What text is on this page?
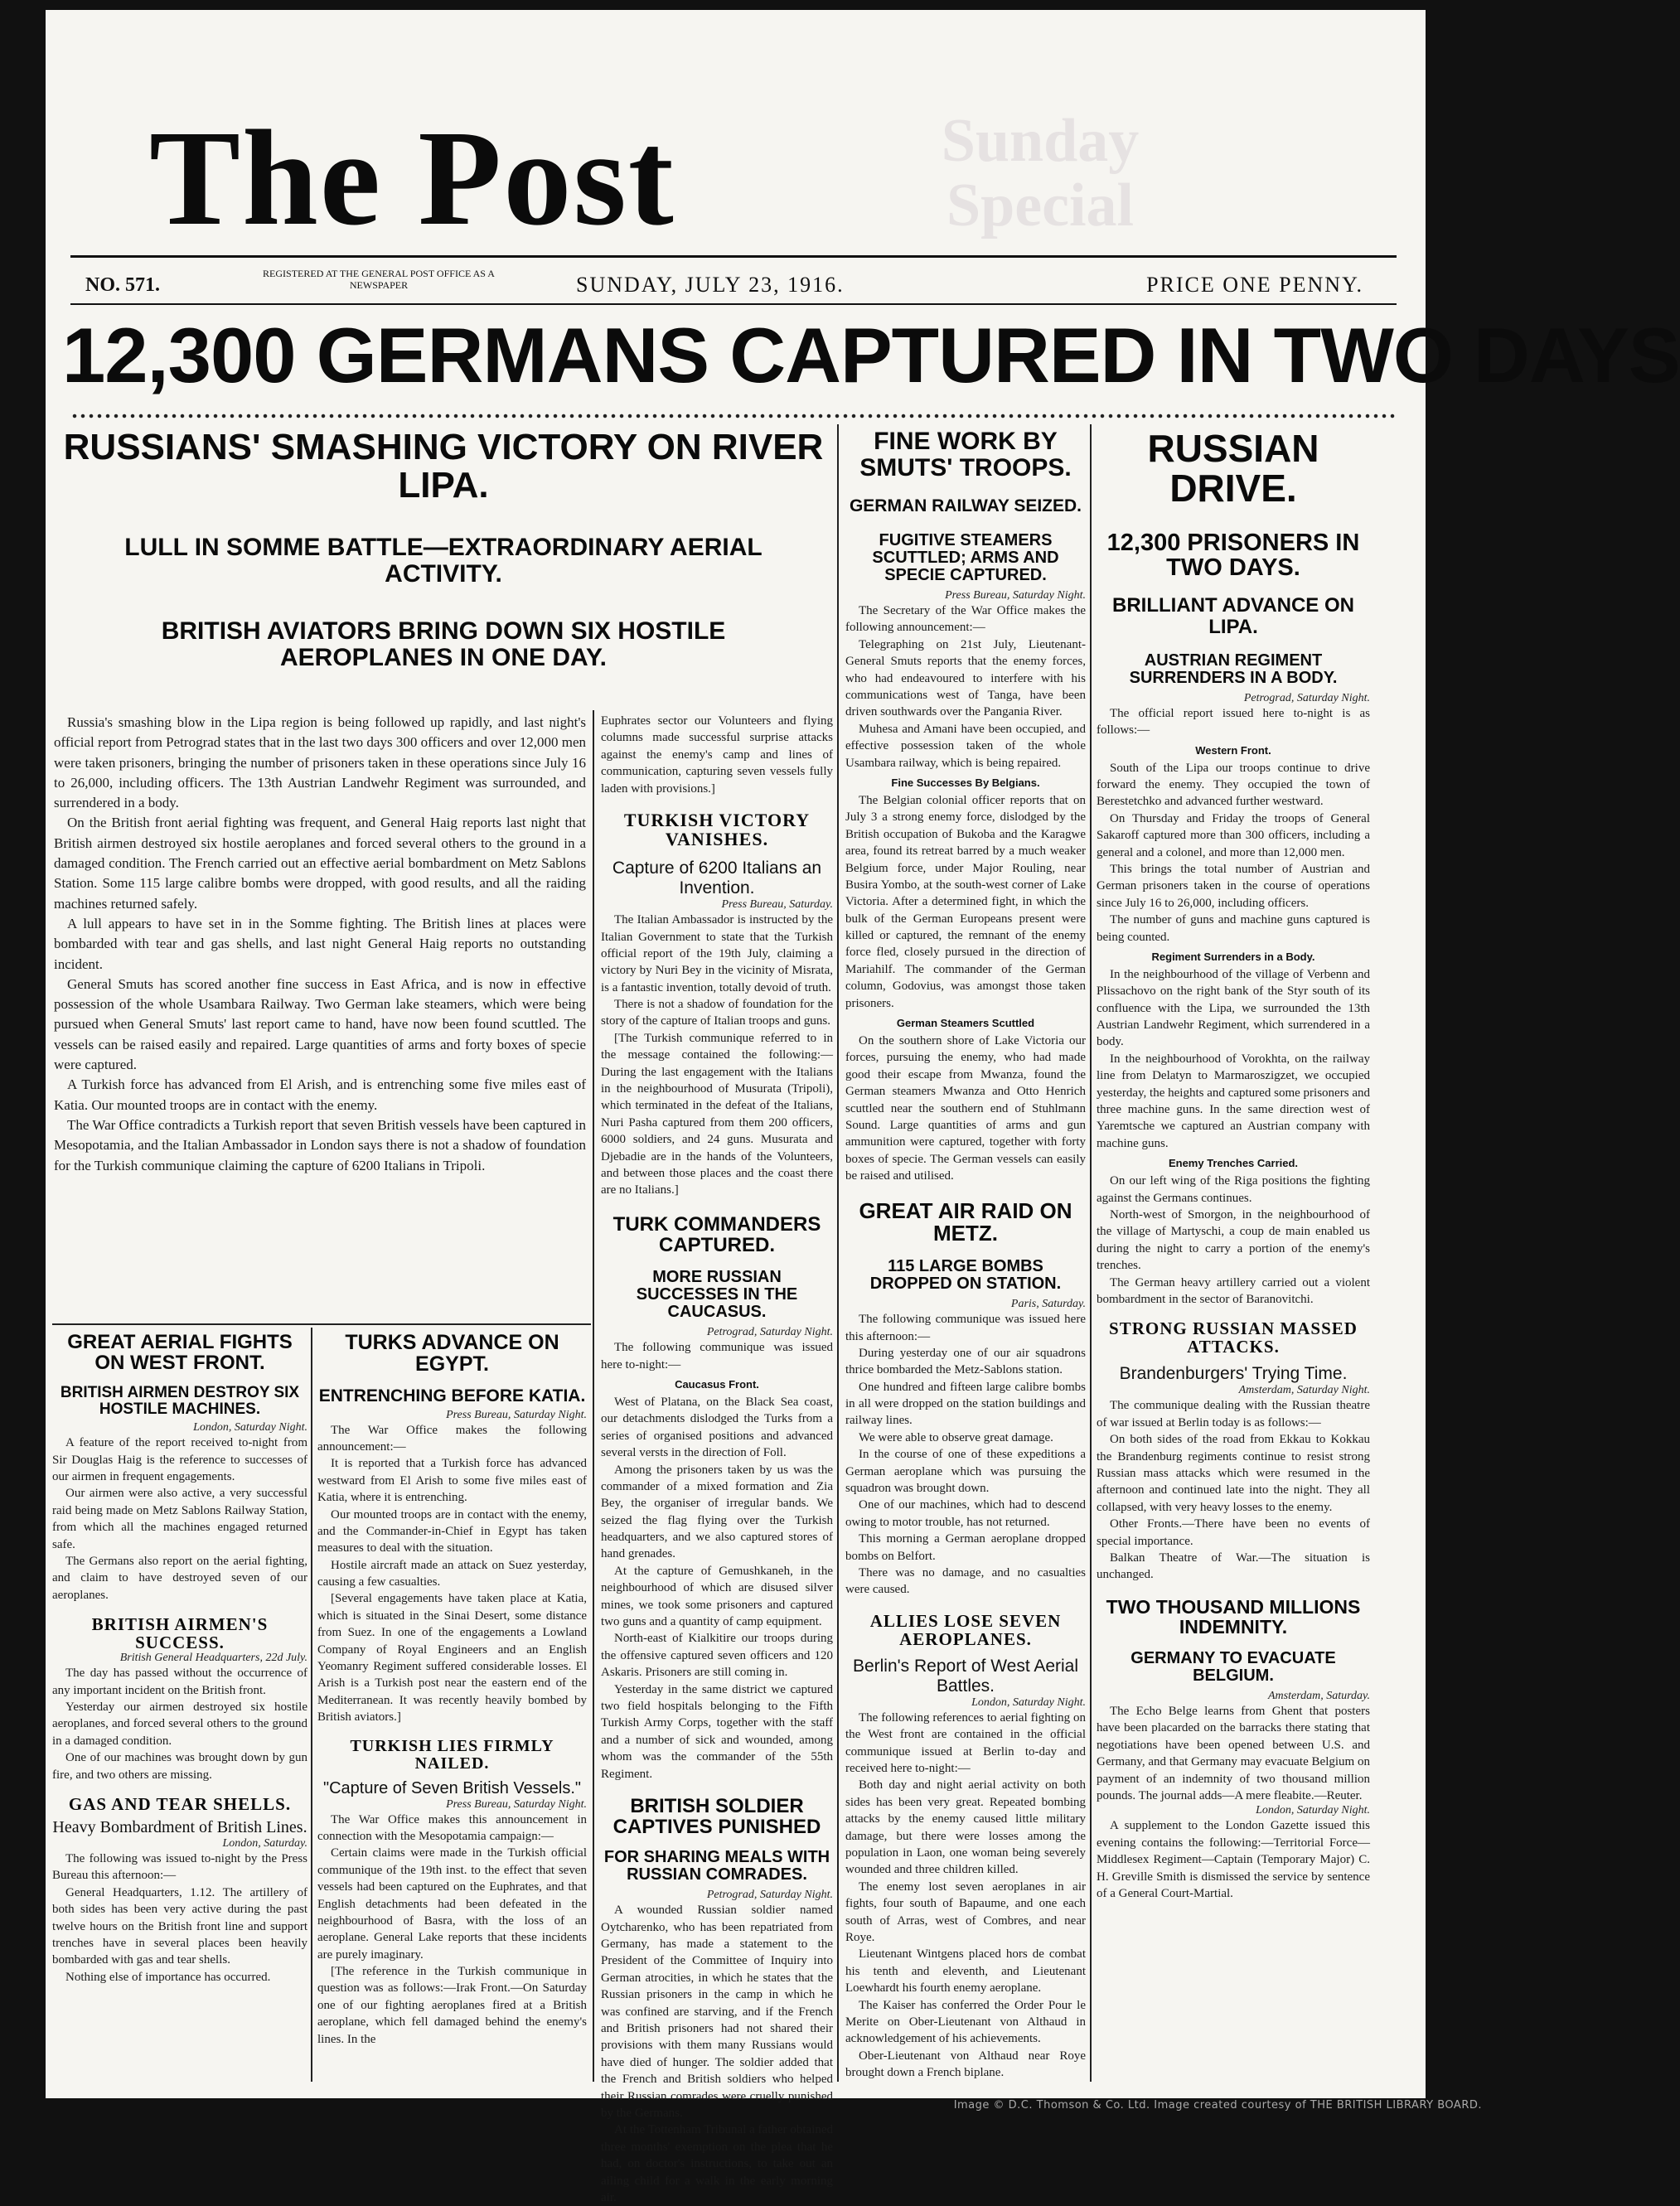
Sunday Special
The Post
NO. 571.
REGISTERED AT THE GENERAL POST OFFICE AS A NEWSPAPER	SUNDAY, JULY 23, 1916.	PRICE ONE PENNY.
12,300 GERMANS CAPTURED IN TWO DAYS
RUSSIANS' SMASHING VICTORY ON RIVER LIPA.
LULL IN SOMME BATTLE—EXTRAORDINARY AERIAL ACTIVITY.
BRITISH AVIATORS BRING DOWN SIX HOSTILE AEROPLANES IN ONE DAY.

Russia's smashing blow in the Lipa region is being followed up rapidly, and last night's official report from Petrograd states that in the last two days 300 officers and over 12,000 men were taken prisoners, bringing the number of prisoners taken in these operations since July 16 to 26,000, including officers. The 13th Austrian Landwehr Regiment was surrounded, and surrendered in a body.

On the British front aerial fighting was frequent, and General Haig reports last night that British airmen destroyed six hostile aeroplanes and forced several others to the ground in a damaged condition. The French carried out an effective aerial bombardment on Metz Sablons Station. Some 115 large calibre bombs were dropped, with good results, and all the raiding machines returned safely.

A lull appears to have set in in the Somme fighting. The British lines at places were bombarded with tear and gas shells, and last night General Haig reports no outstanding incident.

General Smuts has scored another fine success in East Africa, and is now in effective possession of the whole Usambara Railway. Two German lake steamers, which were being pursued when General Smuts' last report came to hand, have now been found scuttled. The vessels can be raised easily and repaired. Large quantities of arms and forty boxes of specie were captured.

A Turkish force has advanced from El Arish, and is entrenching some five miles east of Katia. Our mounted troops are in contact with the enemy.

The War Office contradicts a Turkish report that seven British vessels have been captured in Mesopotamia, and the Italian Ambassador in London says there is not a shadow of foundation for the Turkish communique claiming the capture of 6200 Italians in Tripoli.

Euphrates sector our Volunteers and flying columns made successful surprise attacks against the enemy's camp and lines of communication, capturing seven vessels fully laden with provisions.]
TURKISH VICTORY VANISHES.
Capture of 6200 Italians an Invention.
Press Bureau, Saturday.

The Italian Ambassador is instructed by the Italian Government to state that the Turkish official report of the 19th July, claiming a victory by Nuri Bey in the vicinity of Misrata, is a fantastic invention, totally devoid of truth.

There is not a shadow of foundation for the story of the capture of Italian troops and guns.

[The Turkish communique referred to in the message contained the following:—During the last engagement with the Italians in the neighbourhood of Musurata (Tripoli), which terminated in the defeat of the Italians, Nuri Pasha captured from them 200 officers, 6000 soldiers, and 24 guns. Musurata and Djebadie are in the hands of the Volunteers, and between those places and the coast there are no Italians.]

TURK COMMANDERS CAPTURED.
MORE RUSSIAN SUCCESSES IN THE CAUCASUS.
Petrograd, Saturday Night.

The following communique was issued here to-night:—

Caucasus Front.

West of Platana, on the Black Sea coast, our detachments dislodged the Turks from a series of organised positions and advanced several versts in the direction of Foll.

Among the prisoners taken by us was the commander of a mixed formation and Zia Bey, the organiser of irregular bands. We seized the flag flying over the Turkish headquarters, and we also captured stores of hand grenades.

At the capture of Gemushkaneh, in the neighbourhood of which are disused silver mines, we took some prisoners and captured two guns and a quantity of camp equipment.

North-east of Kialkitire our troops during the offensive captured seven officers and 120 Askaris. Prisoners are still coming in.

Yesterday in the same district we captured two field hospitals belonging to the Fifth Turkish Army Corps, together with the staff and a number of sick and wounded, among whom was the commander of the 55th Regiment.

BRITISH SOLDIER CAPTIVES PUNISHED
FOR SHARING MEALS WITH RUSSIAN COMRADES.
Petrograd, Saturday Night.

A wounded Russian soldier named Oytcharenko, who has been repatriated from Germany, has made a statement to the President of the Committee of Inquiry into German atrocities, in which he states that the Russian prisoners in the camp in which he was confined are starving, and if the French and British prisoners had not shared their provisions with them many Russians would have died of hunger. The soldier added that the French and British soldiers who helped their Russian comrades were cruelly punished by the Germans.

At the Tottenham Tribunal a father obtained three months' exemption on the plea that he had, on doctor's instructions, to take out an ailing child for a walk in the early morning air.

GREAT AERIAL FIGHTS ON WEST FRONT.
BRITISH AIRMEN DESTROY SIX HOSTILE MACHINES.
London, Saturday Night.

A feature of the report received to-night from Sir Douglas Haig is the reference to successes of our airmen in frequent engagements.

Our airmen were also active, a very successful raid being made on Metz Sablons Railway Station, from which all the machines engaged returned safe.

The Germans also report on the aerial fighting, and claim to have destroyed seven of our aeroplanes.

BRITISH AIRMEN'S SUCCESS.
British General Headquarters, 22d July.

The day has passed without the occurrence of any important incident on the British front.

Yesterday our airmen destroyed six hostile aeroplanes, and forced several others to the ground in a damaged condition.

One of our machines was brought down by gun fire, and two others are missing.

GAS AND TEAR SHELLS.
Heavy Bombardment of British Lines.
London, Saturday.

The following was issued to-night by the Press Bureau this afternoon:—

General Headquarters, 1.12. The artillery of both sides has been very active during the past twelve hours on the British front line and support trenches have in several places been heavily bombarded with gas and tear shells.

Nothing else of importance has occurred.

TURKS ADVANCE ON EGYPT.
ENTRENCHING BEFORE KATIA.
Press Bureau, Saturday Night.

The War Office makes the following announcement:—

It is reported that a Turkish force has advanced westward from El Arish to some five miles east of Katia, where it is entrenching.

Our mounted troops are in contact with the enemy, and the Commander-in-Chief in Egypt has taken measures to deal with the situation.

Hostile aircraft made an attack on Suez yesterday, causing a few casualties.

[Several engagements have taken place at Katia, which is situated in the Sinai Desert, some distance from Suez. In one of the engagements a Lowland Company of Royal Engineers and an English Yeomanry Regiment suffered considerable losses. El Arish is a Turkish post near the eastern end of the Mediterranean. It was recently heavily bombed by British aviators.]

TURKISH LIES FIRMLY NAILED.
"Capture of Seven British Vessels."
Press Bureau, Saturday Night.

The War Office makes this announcement in connection with the Mesopotamia campaign:—

Certain claims were made in the Turkish official communique of the 19th inst. to the effect that seven vessels had been captured on the Euphrates, and that English detachments had been defeated in the neighbourhood of Basra, with the loss of an aeroplane. General Lake reports that these incidents are purely imaginary.

[The reference in the Turkish communique in question was as follows:—Irak Front.—On Saturday one of our fighting aeroplanes fired at a British aeroplane, which fell damaged behind the enemy's lines. In the

FINE WORK BY SMUTS' TROOPS.
GERMAN RAILWAY SEIZED.
FUGITIVE STEAMERS SCUTTLED; ARMS AND SPECIE CAPTURED.
Press Bureau, Saturday Night.

The Secretary of the War Office makes the following announcement:—

Telegraphing on 21st July, Lieutenant-General Smuts reports that the enemy forces, who had endeavoured to interfere with his communications west of Tanga, have been driven southwards over the Pangania River.

Muhesa and Amani have been occupied, and effective possession taken of the whole Usambara railway, which is being repaired.

Fine Successes By Belgians.

The Belgian colonial officer reports that on July 3 a strong enemy force, dislodged by the British occupation of Bukoba and the Karagwe area, found its retreat barred by a much weaker Belgium force, under Major Rouling, near Busira Yombo, at the south-west corner of Lake Victoria. After a determined fight, in which the bulk of the German Europeans present were killed or captured, the remnant of the enemy force fled, closely pursued in the direction of Mariahilf. The commander of the German column, Godovius, was amongst those taken prisoners.

German Steamers Scuttled

On the southern shore of Lake Victoria our forces, pursuing the enemy, who had made good their escape from Mwanza, found the German steamers Mwanza and Otto Henrich scuttled near the southern end of Stuhlmann Sound. Large quantities of arms and gun ammunition were captured, together with forty boxes of specie. The German vessels can easily be raised and utilised.

GREAT AIR RAID ON METZ.
115 LARGE BOMBS DROPPED ON STATION.
Paris, Saturday.

The following communique was issued here this afternoon:—

During yesterday one of our air squadrons thrice bombarded the Metz-Sablons station.

One hundred and fifteen large calibre bombs in all were dropped on the station buildings and railway lines.

We were able to observe great damage.

In the course of one of these expeditions a German aeroplane which was pursuing the squadron was brought down.

One of our machines, which had to descend owing to motor trouble, has not returned.

This morning a German aeroplane dropped bombs on Belfort.

There was no damage, and no casualties were caused.

ALLIES LOSE SEVEN AEROPLANES.
Berlin's Report of West Aerial Battles.
London, Saturday Night.

The following references to aerial fighting on the West front are contained in the official communique issued at Berlin to-day and received here to-night:—

Both day and night aerial activity on both sides has been very great. Repeated bombing attacks by the enemy caused little military damage, but there were losses among the population in Laon, one woman being severely wounded and three children killed.

The enemy lost seven aeroplanes in air fights, four south of Bapaume, and one each south of Arras, west of Combres, and near Roye.

Lieutenant Wintgens placed hors de combat his tenth and eleventh, and Lieutenant Loewhardt his fourth enemy aeroplane.

The Kaiser has conferred the Order Pour le Merite on Ober-Lieutenant von Althaud in acknowledgement of his achievements.

Ober-Lieutenant von Althaud near Roye brought down a French biplane.

RUSSIAN DRIVE.
12,300 PRISONERS IN TWO DAYS.
BRILLIANT ADVANCE ON LIPA.
AUSTRIAN REGIMENT SURRENDERS IN A BODY.
Petrograd, Saturday Night.

The official report issued here to-night is as follows:—

Western Front.

South of the Lipa our troops continue to drive forward the enemy. They occupied the town of Berestetchko and advanced further westward.

On Thursday and Friday the troops of General Sakaroff captured more than 300 officers, including a general and a colonel, and more than 12,000 men.

This brings the total number of Austrian and German prisoners taken in the course of operations since July 16 to 26,000, including officers.

The number of guns and machine guns captured is being counted.

Regiment Surrenders in a Body.

In the neighbourhood of the village of Verbenn and Plissachovo on the right bank of the Styr south of its confluence with the Lipa, we surrounded the 13th Austrian Landwehr Regiment, which surrendered in a body.

In the neighbourhood of Vorokhta, on the railway line from Delatyn to Marmaroszigzet, we occupied yesterday, the heights and captured some prisoners and three machine guns. In the same direction west of Yaremtsche we captured an Austrian company with machine guns.

Enemy Trenches Carried.

On our left wing of the Riga positions the fighting against the Germans continues.

North-west of Smorgon, in the neighbourhood of the village of Martyschi, a coup de main enabled us during the night to carry a portion of the enemy's trenches.

The German heavy artillery carried out a violent bombardment in the sector of Baranovitchi.

STRONG RUSSIAN MASSED ATTACKS.
Brandenburgers' Trying Time.
Amsterdam, Saturday Night.

The communique dealing with the Russian theatre of war issued at Berlin today is as follows:—

On both sides of the road from Ekkau to Kokkau the Brandenburg regiments continue to resist strong Russian mass attacks which were resumed in the afternoon and continued late into the night. They all collapsed, with very heavy losses to the enemy.

Other Fronts.—There have been no events of special importance.

Balkan Theatre of War.—The situation is unchanged.

TWO THOUSAND MILLIONS INDEMNITY.
GERMANY TO EVACUATE BELGIUM.
Amsterdam, Saturday.

The Echo Belge learns from Ghent that posters have been placarded on the barracks there stating that negotiations have been opened between U.S. and Germany, and that Germany may evacuate Belgium on payment of an indemnity of two thousand million pounds. The journal adds—A mere fleabite.—Reuter.

London, Saturday Night.

A supplement to the London Gazette issued this evening contains the following:—Territorial Force—Middlesex Regiment—Captain (Temporary Major) C. H. Greville Smith is dismissed the service by sentence of a General Court-Martial.

Image © D.C. Thomson & Co. Ltd. Image created courtesy of THE BRITISH LIBRARY BOARD.
